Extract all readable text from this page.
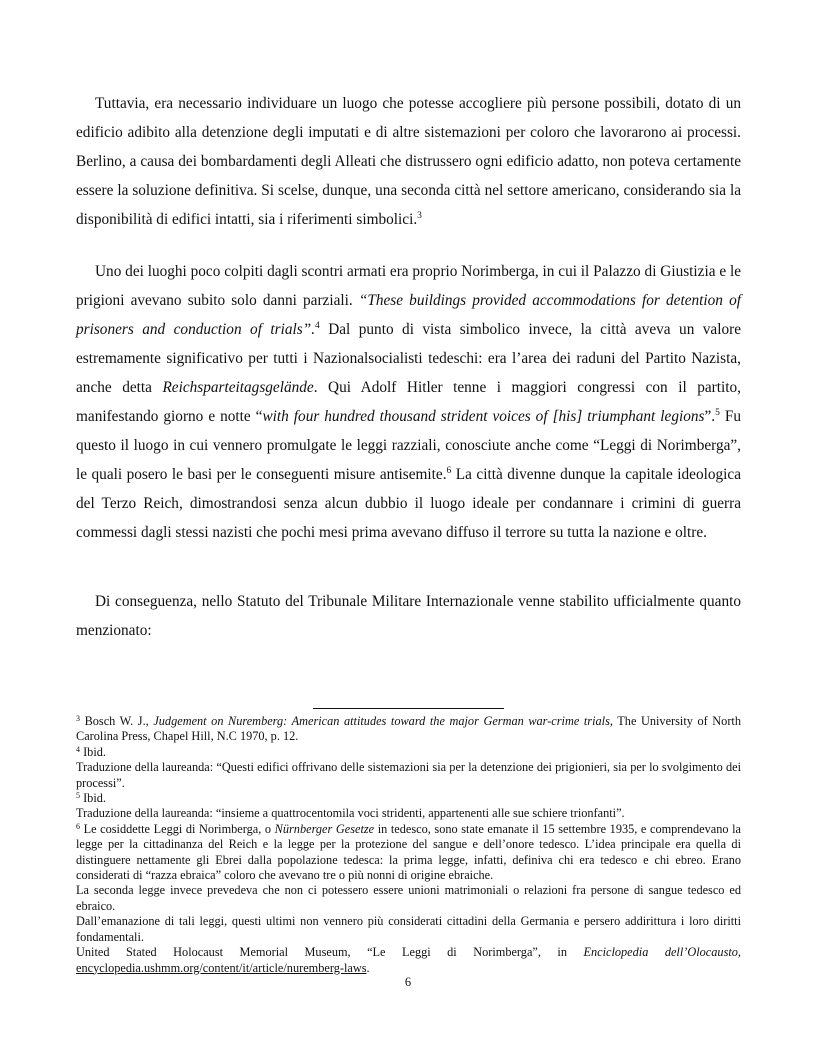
Tuttavia, era necessario individuare un luogo che potesse accogliere più persone possibili, dotato di un edificio adibito alla detenzione degli imputati e di altre sistemazioni per coloro che lavorarono ai processi. Berlino, a causa dei bombardamenti degli Alleati che distrussero ogni edificio adatto, non poteva certamente essere la soluzione definitiva. Si scelse, dunque, una seconda città nel settore americano, considerando sia la disponibilità di edifici intatti, sia i riferimenti simbolici.$^3$

Uno dei luoghi poco colpiti dagli scontri armati era proprio Norimberga, in cui il Palazzo di Giustizia e le prigioni avevano subito solo danni parziali. “These buildings provided accommodations for detention of prisoners and conduction of trials”.$^4$ Dal punto di vista simbolico invece, la città aveva un valore estremamente significativo per tutti i Nazionalsocialisti tedeschi: era l’area dei raduni del Partito Nazista, anche detta Reichsparteitagsgelände. Qui Adolf Hitler tenne i maggiori congressi con il partito, manifestando giorno e notte “with four hundred thousand strident voices of [his] triumphant legions”.$^5$ Fu questo il luogo in cui vennero promulgate le leggi razziali, conosciute anche come “Leggi di Norimberga”, le quali posero le basi per le conseguenti misure antisemite.$^6$ La città divenne dunque la capitale ideologica del Terzo Reich, dimostrandosi senza alcun dubbio il luogo ideale per condannare i crimini di guerra commessi dagli stessi nazisti che pochi mesi prima avevano diffuso il terrore su tutta la nazione e oltre.

Di conseguenza, nello Statuto del Tribunale Militare Internazionale venne stabilito ufficialmente quanto menzionato:

$^3$ Bosch W. J., Judgement on Nuremberg: American attitudes toward the major German war-crime trials, The University of North Carolina Press, Chapel Hill, N.C 1970, p. 12.

$^4$ Ibid.

Traduzione della laureanda: “Questi edifici offrivano delle sistemazioni sia per la detenzione dei prigionieri, sia per lo svolgimento dei processi”.

$^5$ Ibid.

Traduzione della laureanda: “insieme a quattrocentomila voci stridenti, appartenenti alle sue schiere trionfanti”.

$^6$ Le cosiddette Leggi di Norimberga, o Nürnberger Gesetze in tedesco, sono state emanate il 15 settembre 1935, e comprendevano la legge per la cittadinanza del Reich e la legge per la protezione del sangue e dell’onore tedesco. L’idea principale era quella di distinguere nettamente gli Ebrei dalla popolazione tedesca: la prima legge, infatti, definiva chi era tedesco e chi ebreo. Erano considerati di “razza ebraica” coloro che avevano tre o più nonni di origine ebraiche.

La seconda legge invece prevedeva che non ci potessero essere unioni matrimoniali o relazioni fra persone di sangue tedesco ed ebraico.

Dall’emanazione di tali leggi, questi ultimi non vennero più considerati cittadini della Germania e persero addirittura i loro diritti fondamentali.

United Stated Holocaust Memorial Museum, “Le Leggi di Norimberga”, in Enciclopedia dell’Olocausto, encyclopedia.ushmm.org/content/it/article/nuremberg-laws.

6
